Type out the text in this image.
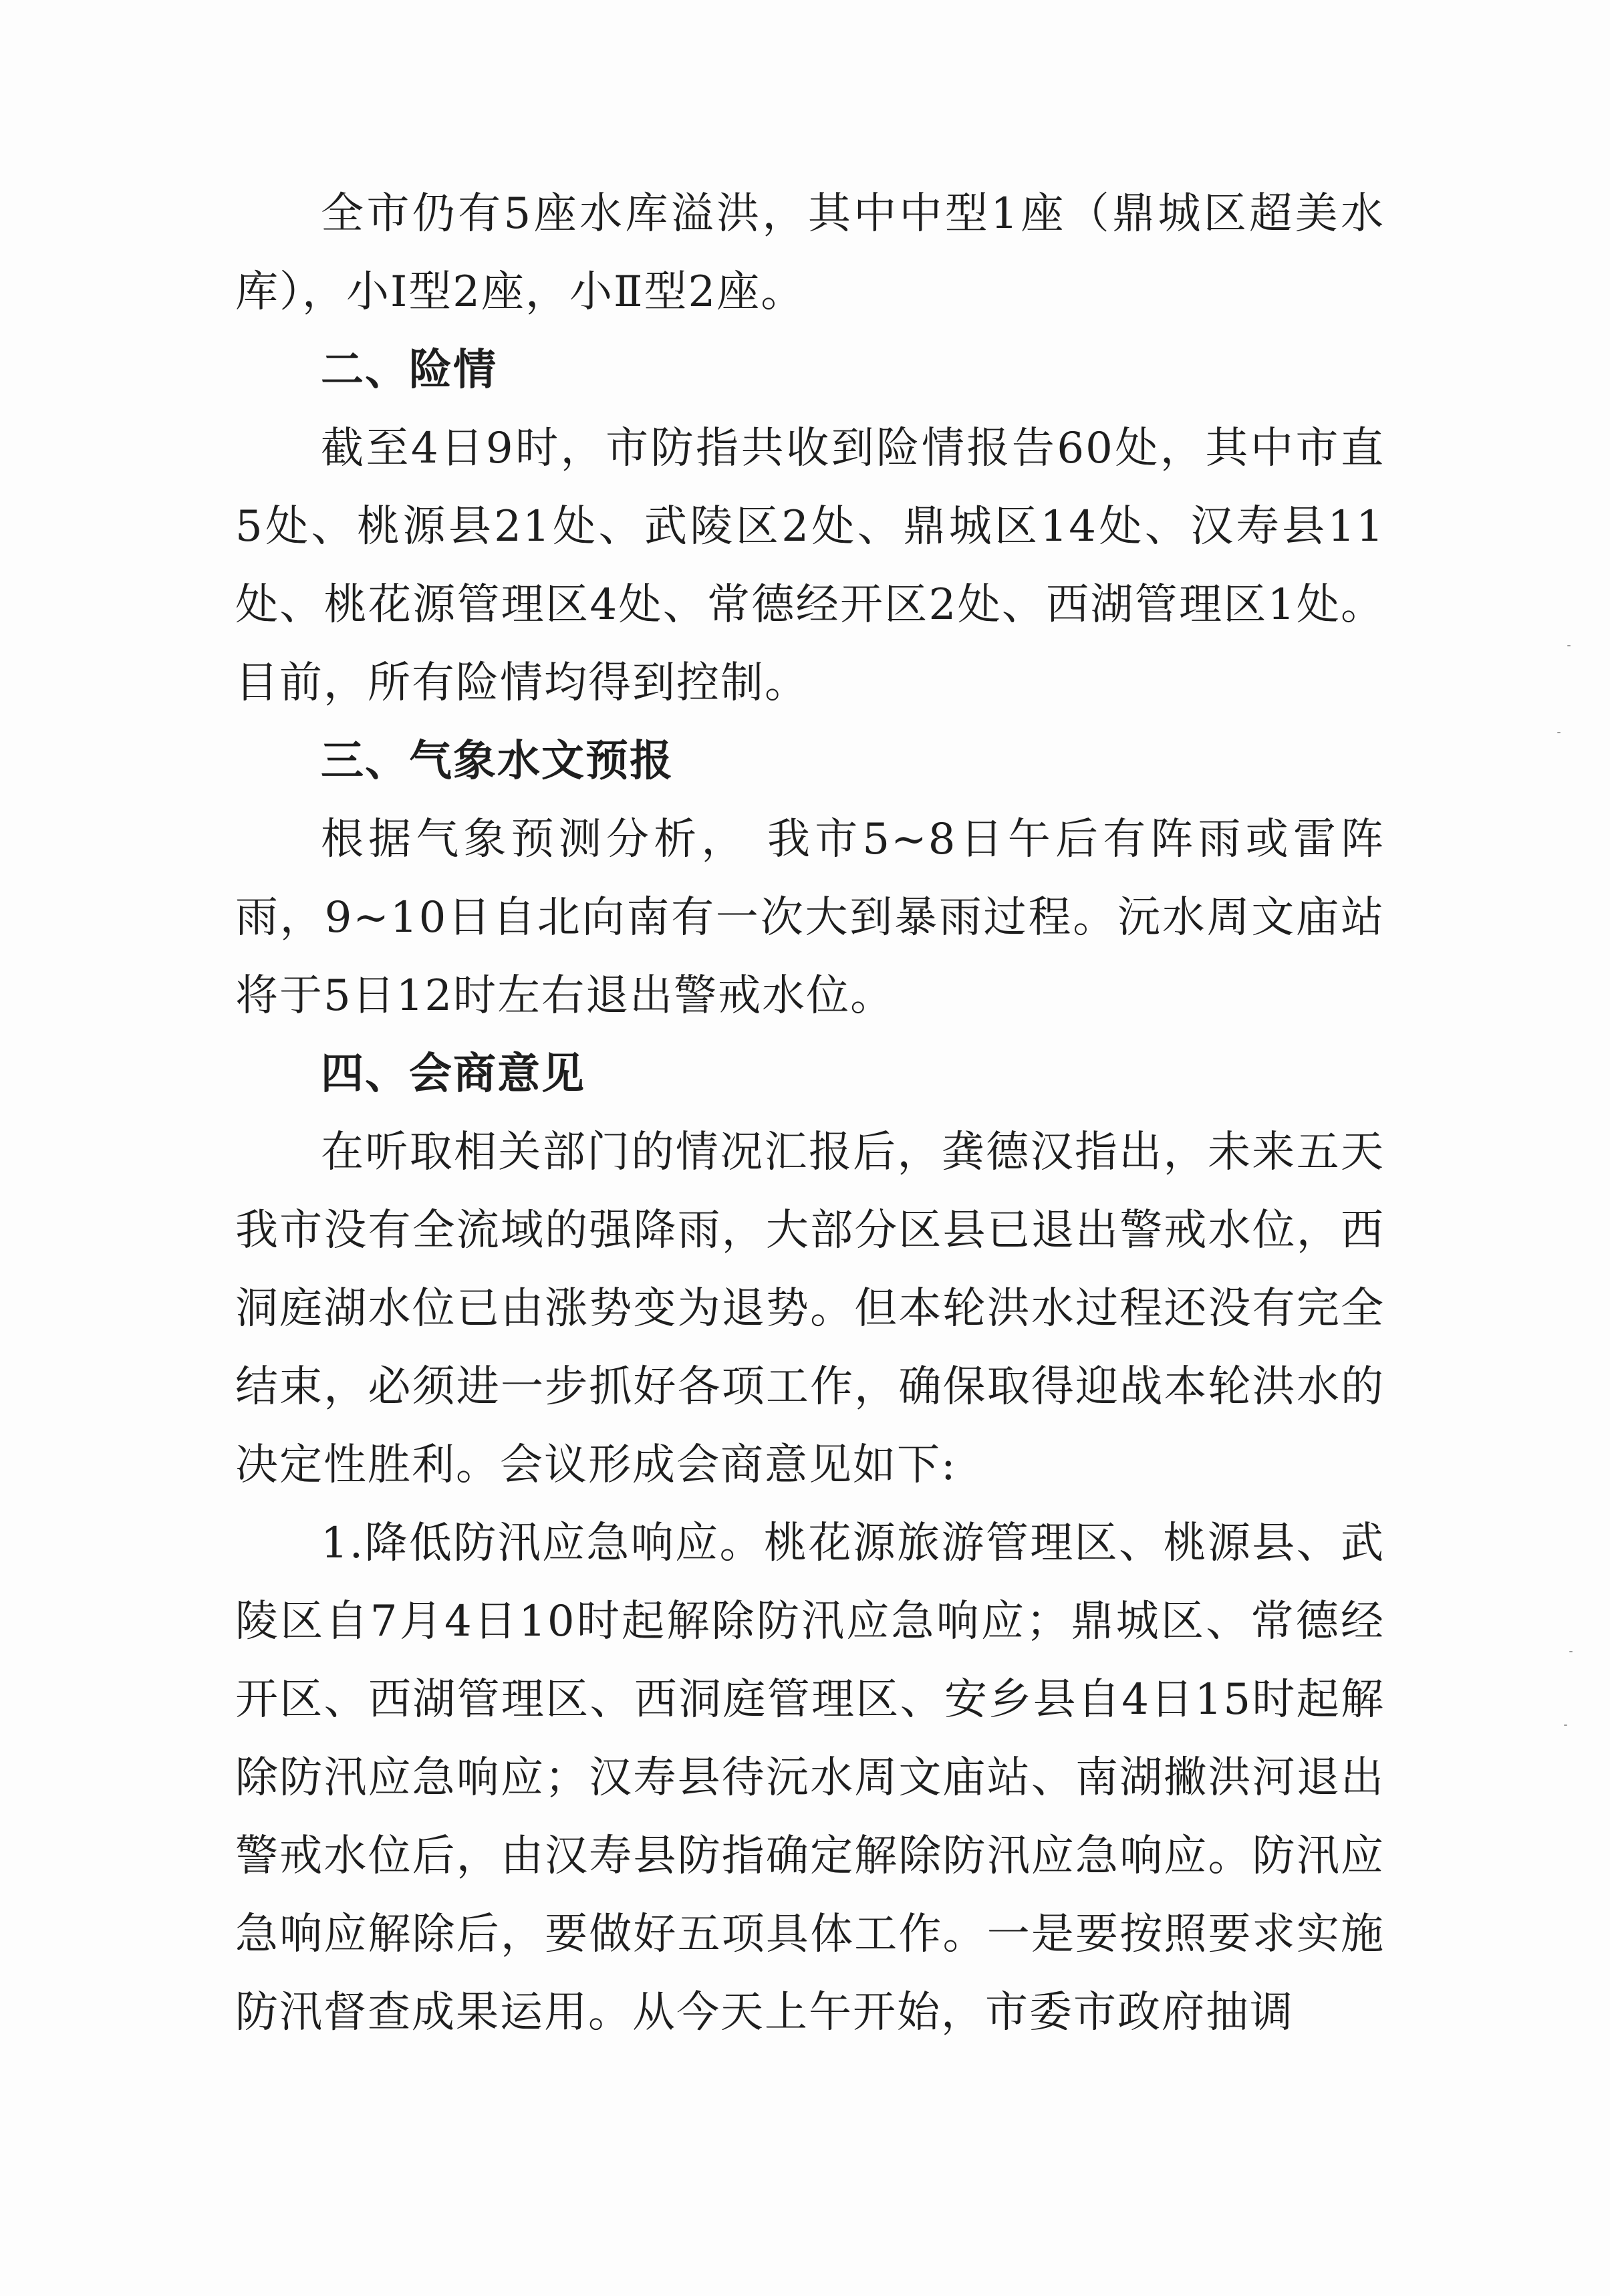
全市仍有5座水库溢洪，其中中型1座（鼎城区超美水库），小Ⅰ型2座，小Ⅱ型2座。

二、险情

截至4日9时，市防指共收到险情报告60处，其中市直5处、桃源县21处、武陵区2处、鼎城区14处、汉寿县11处、桃花源管理区4处、常德经开区2处、西湖管理区1处。目前，所有险情均得到控制。

三、气象水文预报

根据气象预测分析， 我市5~8日午后有阵雨或雷阵雨，9~10日自北向南有一次大到暴雨过程。沅水周文庙站将于5日12时左右退出警戒水位。

四、会商意见

在听取相关部门的情况汇报后，龚德汉指出，未来五天我市没有全流域的强降雨，大部分区县已退出警戒水位，西洞庭湖水位已由涨势变为退势。但本轮洪水过程还没有完全结束，必须进一步抓好各项工作，确保取得迎战本轮洪水的决定性胜利。会议形成会商意见如下:

1.降低防汛应急响应。桃花源旅游管理区、桃源县、武陵区自7月4日10时起解除防汛应急响应；鼎城区、常德经开区、西湖管理区、西洞庭管理区、安乡县自4日15时起解除防汛应急响应；汉寿县待沅水周文庙站、南湖撇洪河退出警戒水位后，由汉寿县防指确定解除防汛应急响应。防汛应急响应解除后，要做好五项具体工作。一是要按照要求实施防汛督查成果运用。从今天上午开始，市委市政府抽调
